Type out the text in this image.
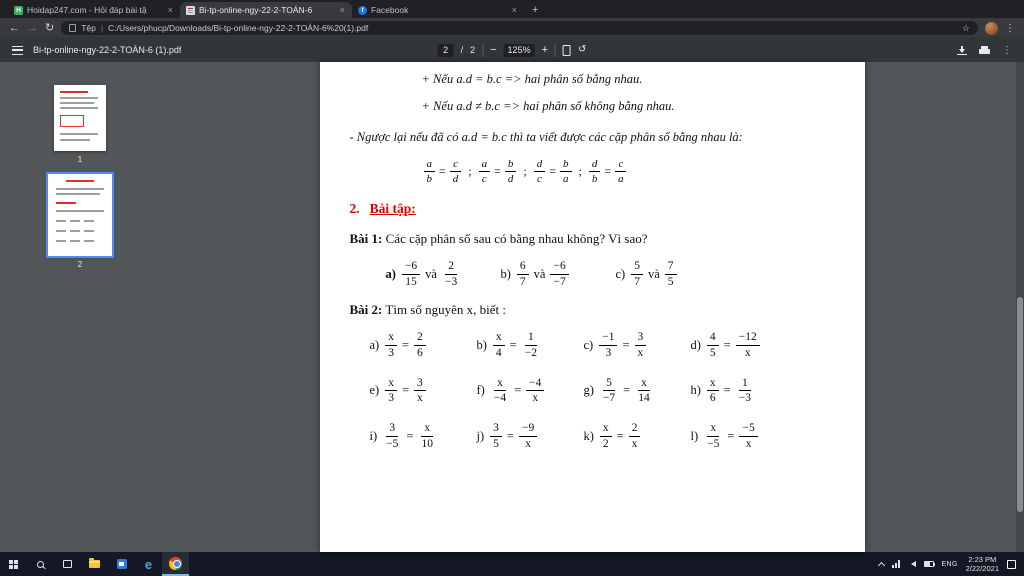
H Hoidap247.com - Hỏi đáp bài tậ	×	Bi-tp-online-ngy-22-2-TOÁN-6	×	f Facebook	× +
← → ↻	Tệp | C:/Users/phucp/Downloads/Bi-tp-online-ngy-22-2-TOÁN-6%20(1).pdf	☆	⋮
Bi-tp-online-ngy-22-2-TOÁN-6 (1).pdf	2	/ 2 −	125%	+	↺	⋮
1
2
+ Nếu a.d = b.c => hai phân số bằng nhau.
+ Nếu a.d ≠ b.c => hai phân số không bằng nhau.
- Ngược lại nếu đã có a.d = b.c thì ta viết được các cặp phân số bằng nhau là:
$\frac{a}{b} = \frac{c}{d}$ ; $\frac{a}{c} = \frac{b}{d}$ ; $\frac{d}{c} = \frac{b}{a}$ ; $\frac{d}{b} = \frac{c}{a}$
2. Bài tập:
Bài 1: Các cặp phân số sau có bằng nhau không? Vì sao?
$a) \frac{-6}{15}$ và $\frac{2}{-3}$	$b) \frac{6}{7}$ và $\frac{-6}{-7}$	$c) \frac{5}{7}$ và $\frac{7}{5}$
Bài 2: Tìm số nguyên x, biết :
$a) \frac{x}{3} = \frac{2}{6}$	$b) \frac{x}{4} = \frac{1}{-2}$	$c) \frac{-1}{3} = \frac{3}{x}$	$d) \frac{4}{5} = \frac{-12}{x}$
$e) \frac{x}{3} = \frac{3}{x}$	$f) \frac{x}{-4} = \frac{-4}{x}$	$g) \frac{5}{-7} = \frac{x}{14}$	$h) \frac{x}{6} = \frac{1}{-3}$
$i) \frac{3}{-5} = \frac{x}{10}$	$j) \frac{3}{5} = \frac{-9}{x}$	$k) \frac{x}{2} = \frac{2}{x}$	$l) \frac{x}{-5} = \frac{-5}{x}$
e	ENG	2:23 PM
2/22/2021
